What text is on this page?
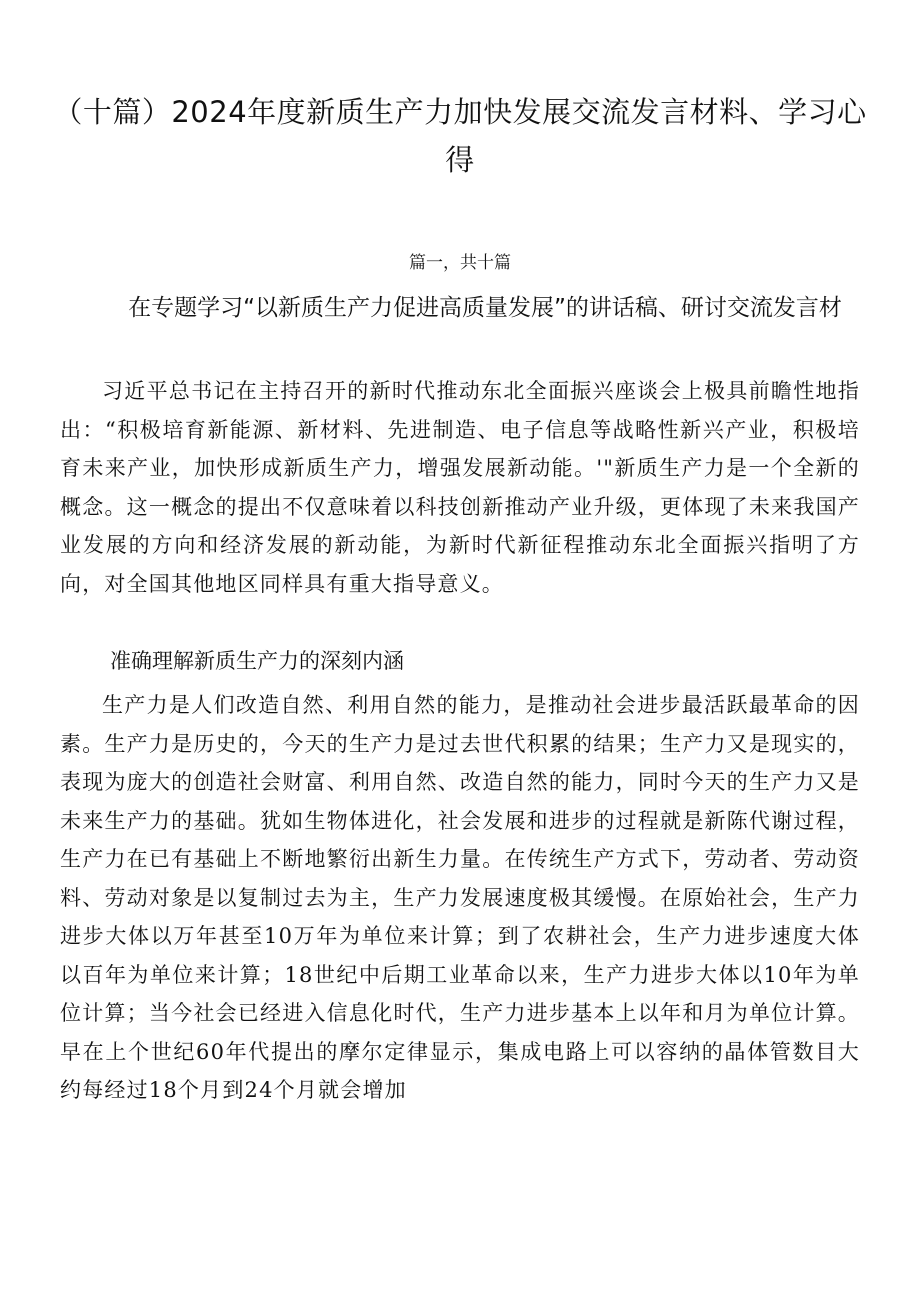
（十篇）2024年度新质生产力加快发展交流发言材料、学习心得
篇一，共十篇
在专题学习“以新质生产力促进高质量发展”的讲话稿、研讨交流发言材

习近平总书记在主持召开的新时代推动东北全面振兴座谈会上极具前瞻性地指出：“积极培育新能源、新材料、先进制造、电子信息等战略性新兴产业，积极培育未来产业，加快形成新质生产力，增强发展新动能。'"新质生产力是一个全新的概念。这一概念的提出不仅意味着以科技创新推动产业升级，更体现了未来我国产业发展的方向和经济发展的新动能，为新时代新征程推动东北全面振兴指明了方向，对全国其他地区同样具有重大指导意义。

准确理解新质生产力的深刻内涵

生产力是人们改造自然、利用自然的能力，是推动社会进步最活跃最革命的因素。生产力是历史的，今天的生产力是过去世代积累的结果；生产力又是现实的，表现为庞大的创造社会财富、利用自然、改造自然的能力，同时今天的生产力又是未来生产力的基础。犹如生物体进化，社会发展和进步的过程就是新陈代谢过程，生产力在已有基础上不断地繁衍出新生力量。在传统生产方式下，劳动者、劳动资料、劳动对象是以复制过去为主，生产力发展速度极其缓慢。在原始社会，生产力进步大体以万年甚至10万年为单位来计算；到了农耕社会，生产力进步速度大体以百年为单位来计算；18世纪中后期工业革命以来，生产力进步大体以10年为单位计算；当今社会已经进入信息化时代，生产力进步基本上以年和月为单位计算。早在上个世纪60年代提出的摩尔定律显示，集成电路上可以容纳的晶体管数目大约每经过18个月到24个月就会增加
